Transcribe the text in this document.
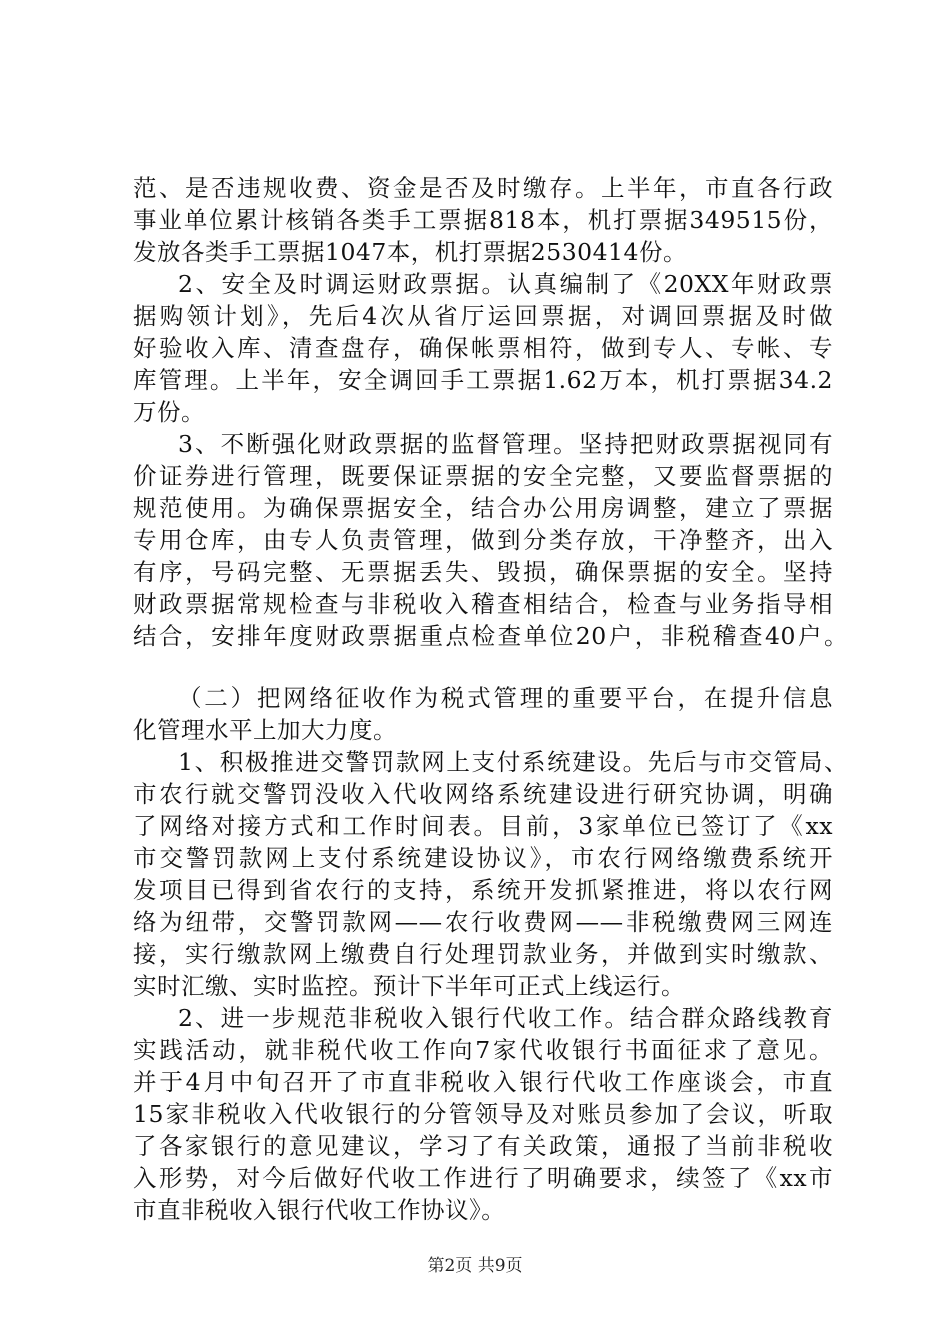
范、是否违规收费、资金是否及时缴存。上半年，市直各行政
事业单位累计核销各类手工票据818本，机打票据349515份，
发放各类手工票据1047本，机打票据2530414份。
2、安全及时调运财政票据。认真编制了《20XX年财政票
据购领计划》，先后4次从省厅运回票据，对调回票据及时做
好验收入库、清查盘存，确保帐票相符，做到专人、专帐、专
库管理。上半年，安全调回手工票据1.62万本，机打票据34.2
万份。
3、不断强化财政票据的监督管理。坚持把财政票据视同有
价证券进行管理，既要保证票据的安全完整，又要监督票据的
规范使用。为确保票据安全，结合办公用房调整，建立了票据
专用仓库，由专人负责管理，做到分类存放，干净整齐，出入
有序，号码完整、无票据丢失、毁损，确保票据的安全。坚持
财政票据常规检查与非税收入稽查相结合，检查与业务指导相
结合，安排年度财政票据重点检查单位20户，非税稽查40户。
（二）把网络征收作为税式管理的重要平台，在提升信息
化管理水平上加大力度。
1、积极推进交警罚款网上支付系统建设。先后与市交管局、
市农行就交警罚没收入代收网络系统建设进行研究协调，明确
了网络对接方式和工作时间表。目前，3家单位已签订了《xx
市交警罚款网上支付系统建设协议》，市农行网络缴费系统开
发项目已得到省农行的支持，系统开发抓紧推进，将以农行网
络为纽带，交警罚款网——农行收费网——非税缴费网三网连
接，实行缴款网上缴费自行处理罚款业务，并做到实时缴款、
实时汇缴、实时监控。预计下半年可正式上线运行。
2、进一步规范非税收入银行代收工作。结合群众路线教育
实践活动，就非税代收工作向7家代收银行书面征求了意见。
并于4月中旬召开了市直非税收入银行代收工作座谈会，市直
15家非税收入代收银行的分管领导及对账员参加了会议，听取
了各家银行的意见建议，学习了有关政策，通报了当前非税收
入形势，对今后做好代收工作进行了明确要求，续签了《xx市
市直非税收入银行代收工作协议》。
第2页 共9页
